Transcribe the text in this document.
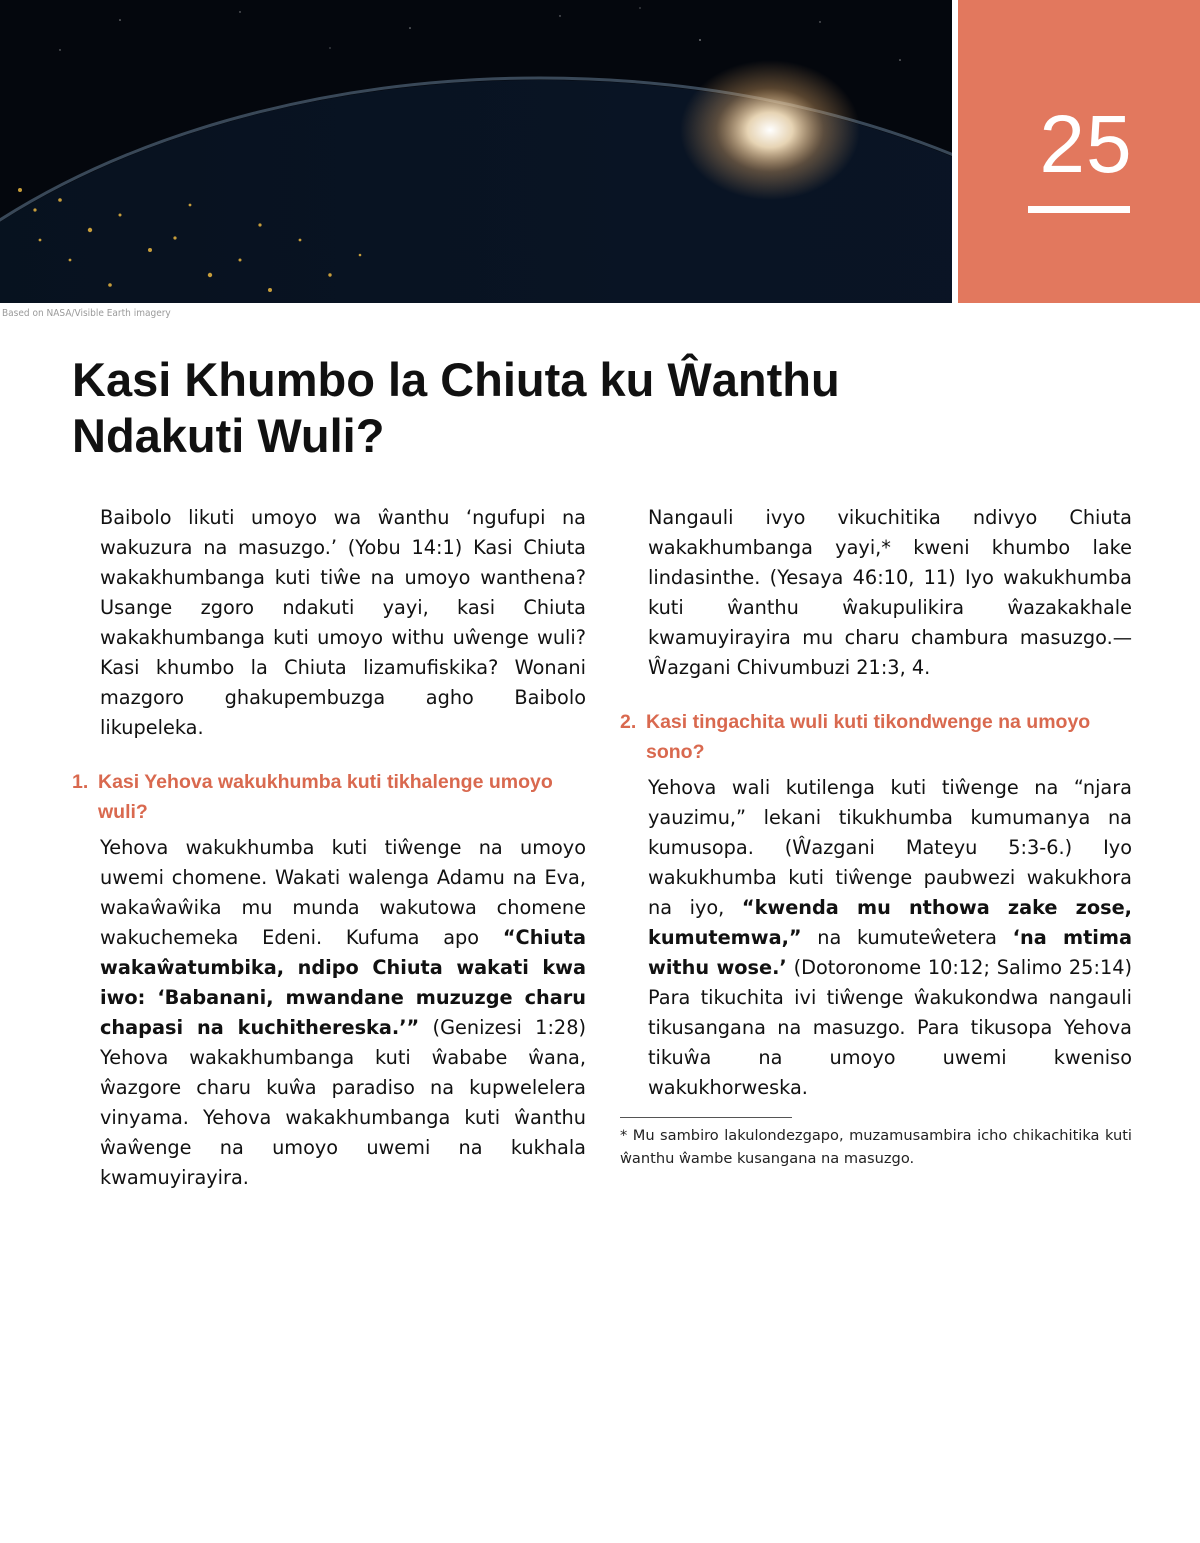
Based on NASA/Visible Earth imagery
25
Kasi Khumbo la Chiuta ku Ŵanthu
Ndakuti Wuli?

Baibolo likuti umoyo wa ŵanthu ‘ngufupi na wakuzura na masuzgo.’ (Yobu 14:1) Kasi Chiuta wakakhumbanga kuti tiŵe na umoyo wanthena? Usange zgoro ndakuti yayi, kasi Chiuta wakakhumbanga kuti umoyo withu uŵenge wuli? Kasi khumbo la Chiuta lizamufiskika? Wonani mazgoro ghakupembuzga agho Baibolo likupeleka.

1. Kasi Yehova wakukhumba kuti tikhalenge umoyo wuli?

Yehova wakukhumba kuti tiŵenge na umoyo uwemi chomene. Wakati walenga Adamu na Eva, wakaŵaŵika mu munda wakutowa chomene wakuchemeka Edeni. Kufuma apo “Chiuta wakaŵatumbika, ndipo Chiuta wakati kwa iwo: ‘Babanani, mwandane muzuzge charu chapasi na kuchithereska.’” (Genizesi 1:28) Yehova wakakhumbanga kuti ŵababe ŵana, ŵazgore charu kuŵa paradiso na kupwelelera vinyama. Yehova wakakhumbanga kuti ŵanthu ŵaŵenge na umoyo uwemi na kukhala kwamuyirayira.

Nangauli ivyo vikuchitika ndivyo Chiuta wakakhumbanga yayi,* kweni khumbo lake lindasinthe. (Yesaya 46:10, 11) Iyo wakukhumba kuti ŵanthu ŵakupulikira ŵazakakhale kwamuyirayira mu charu chambura masuzgo.—Ŵazgani Chivumbuzi 21:3, 4.

2. Kasi tingachita wuli kuti tikondwenge na umoyo sono?

Yehova wali kutilenga kuti tiŵenge na “njara yauzimu,” lekani tikukhumba kumumanya na kumusopa. (Ŵazgani Mateyu 5:3-6.) Iyo wakukhumba kuti tiŵenge paubwezi wakukhora na iyo, “kwenda mu nthowa zake zose, kumutemwa,” na kumuteŵetera ‘na mtima withu wose.’ (Dotoronome 10:12; Salimo 25:14) Para tikuchita ivi tiŵenge ŵakukondwa nangauli tikusangana na masuzgo. Para tikusopa Yehova tikuŵa na umoyo uwemi kweniso wakukhorweska.

* Mu sambiro lakulondezgapo, muzamusambira icho chikachitika kuti ŵanthu ŵambe kusangana na masuzgo.
